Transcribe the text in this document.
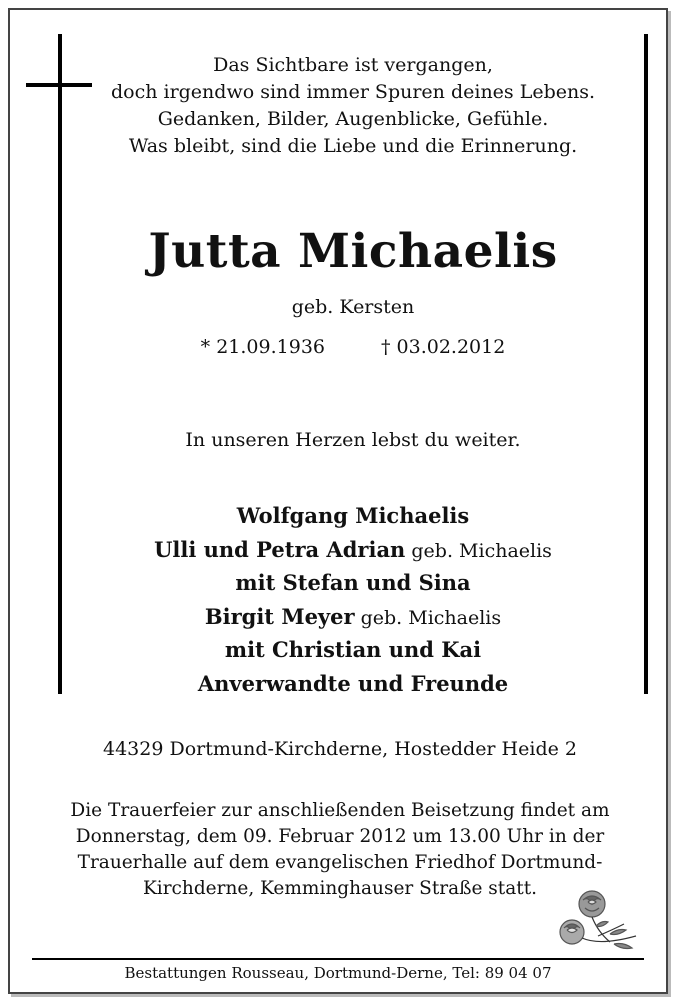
Das Sichtbare ist vergangen,
doch irgendwo sind immer Spuren deines Lebens.
Gedanken, Bilder, Augenblicke, Gefühle.
Was bleibt, sind die Liebe und die Erinnerung.
Jutta Michaelis
geb. Kersten
* 21.09.1936	† 03.02.2012
In unseren Herzen lebst du weiter.
Wolfgang Michaelis
Ulli und Petra Adrian geb. Michaelis
mit Stefan und Sina
Birgit Meyer geb. Michaelis
mit Christian und Kai
Anverwandte und Freunde
44329 Dortmund-Kirchderne, Hostedder Heide 2
Die Trauerfeier zur anschließenden Beisetzung findet am
Donnerstag, dem 09. Februar 2012 um 13.00 Uhr in der
Trauerhalle auf dem evangelischen Friedhof Dortmund-
Kirchderne, Kemminghauser Straße statt.
Bestattungen Rousseau, Dortmund-Derne, Tel: 89 04 07
